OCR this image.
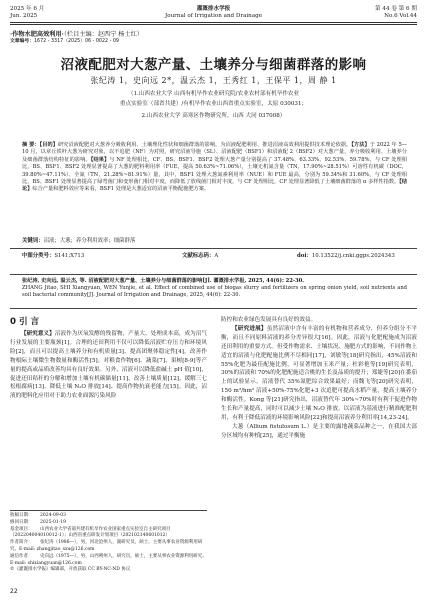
2025 年 6 月
Jun. 2025
灌溉排水学报
Journal of Irrigation and Drainage
第 44 卷 第 6 期
No.6 Vol.44
·作物水肥高效利用·（栏目主编：赵西宁 杨士红）
文章编号：1672 - 3317（2025）06 - 0022 - 09
沼液配肥对大葱产量、土壤养分与细菌群落的影响
张纪涛 1，史向远 2*，温云杰 1，王秀红 1，王保平 1，周 静 1
（1.山西农业大学 山西有机旱作农业研究院/农业农村部有机旱作农业
重点实验室（部省共建）/有机旱作农业山西省重点实验室，太原 030031；
2.山西农业大学 高寒区作物研究所，山西 大同 037008）
摘 要：【目的】研究沼液配肥对大葱养分吸收利用、土壤理化性状和细菌群落的影响，为沼液配肥利用、推进沼液高效利用提供技术理论依据。【方法】于 2022 年 5—10 月，以章丘铁杆大葱为研究对象，以不追肥（NF）为对照，研究沼液导施（SL）、沼液配肥（BSF1）和沼液配 2（BSF2）对大葱产量、养分吸收利用、土壤养分及细菌群落结构特征的影响。【结果】与 NF 处理相比，CF、BS、BSF1、BSF2 处理大葱产量分别提高了 37.48%、63.33%、92.53%、59.78%，与 CF 处理相比，BS、BSF1、BSF2 处理显著提高了大葱的肥料利用率（FUE，提高 50.63%~71.06%），土壤无机氮含量（TN，17.90%~28.51%）可溶性有机碳（DOC，39.80%~47.11%）、全氮（TN，21.28%~81.91%）量，其中，BSF1 处理大葱氮素利用率（NUE）和 FUE 最高，分别为 59.34%和 31.60%，与 CF 处理相比，BS、BSF1 处理显著提高了绿弯菌门和变形菌门相对丰度，而降低了放线菌门相对丰度，与 CF 处理相比，CF 处理显著降低了土壤细菌群落的 α 多样性指数。【结论】综合产量和肥料效应等来看，BSF1 处理是大葱适宜的沼液平衡配施肥方案。
关键词：沼液；大葱；养分利用效率；细菌群落
中图分类号：S141;X713	文献标志码：A	doi：10.13522/j.cnki.ggps.2024343
张纪涛, 史向远, 温云杰, 等. 沼液配肥对大葱产量、土壤养分与细菌群落的影响[J]. 灌溉排水学报, 2025, 44(6): 22-30.
ZHANG Jitao, SHI Xiangyuan, WEN Yunjie, et al. Effect of combined use of biogas slurry and fertilizers on spring onion yield, soil nutrients and soil bacterial community[J]. Journal of Irrigation and Drainage, 2025, 44(6): 22-30.
0 引 言
【研究意义】沼液作为厌氧发酵的残留物，产量大、处理成本高，成为沼气行业发展的主要瓶颈[1]。合理的还田利用不仅可以降低沼液贮存压力和环境风险[2]，而且可以提高土壤养分和有机质量[3]，提高团聚体稳定性[4]，改善作物根际土壤微生物数量和酶活性[5]。对粮食作物[6]、蔬菜[7]、果树[8-9]等产量的提高或品质改善均具有良好效果。另外，沼液可以降低盐碱土 pH 值[10]，促进还田秸秆的分解和增加土壤有机碳储量[11]，改善土壤质量[12]。缓解三七松根腐病[13]、降低土壤 N₂O 排放[14]、提高作物抗衰老能力[15]。因此，沼液的肥料化应用对于助力农业面源污染风险
防控和农业绿色发展具有良好的效益。
【研究进展】虽然沼液中含有丰富的有机物和营养成分，但养分组分不平衡，而且不同原料沼液的养分差异很大[16]。因此，沼液与化肥配施成为沼液还田利用的重要方式。但受作物需求、土壤状况、施肥方式的影响，不同作物上适宜的沼液与化肥配施比例不尽相同[17]，刘敏等[18]研究指出，45%沼液和 55%化肥为最佳配施比例，可显著增加玉米产量；杜彩艳等[19]研究表明，30%的沼液和 70%的化肥配施适合桃的生长及品质的提升；郑婕等[20]在番茄上的试验显示，沼液替代 35%氮肥综合效果最好；而魏飞等[20]研究表明，150 m³/hm² 沼液+50%-75%化肥+3 次追肥可提高水稻产量，提高土壤养分和酶活性。Kong 等[21]研究指出，沼液替代年 30%~70%时有利于促进作物生长和产量提高，同时可以减少土壤 N₂O 排放。以沼液为基液进行精准配肥利用，有利于降低沼液的环境影响风险[22]和提高沼液养分利用率[14,23-24]。
大葱（Allium fistulosum L.）是主要的露地蔬菜品种之一，在我国大部分区域均有种植[25]，通过平衡施
收稿日期： 2024-09-03
修回日期： 2025-01-19
基金项目： 山西农业大学省部共建有机旱作农业国家重点实验室自主研究项目（202204004010012-1）；山西省重点研发计划项目（202102140601012）
作者简介： 张纪涛（1986—），男，河北沧州人，副研究员，硕士，主要从事农业资源利用研究。E-mail: zhangjitao_sxu@126.com
通信作者： 史向远（1975—），男，山西朔州人，研究员，硕士，主要从事农业资源利用研究。E-mail: shixiangyuan@126.com
©《灌溉排水学报》编辑部，开放获取 CC BY-NC-ND 协议
22
